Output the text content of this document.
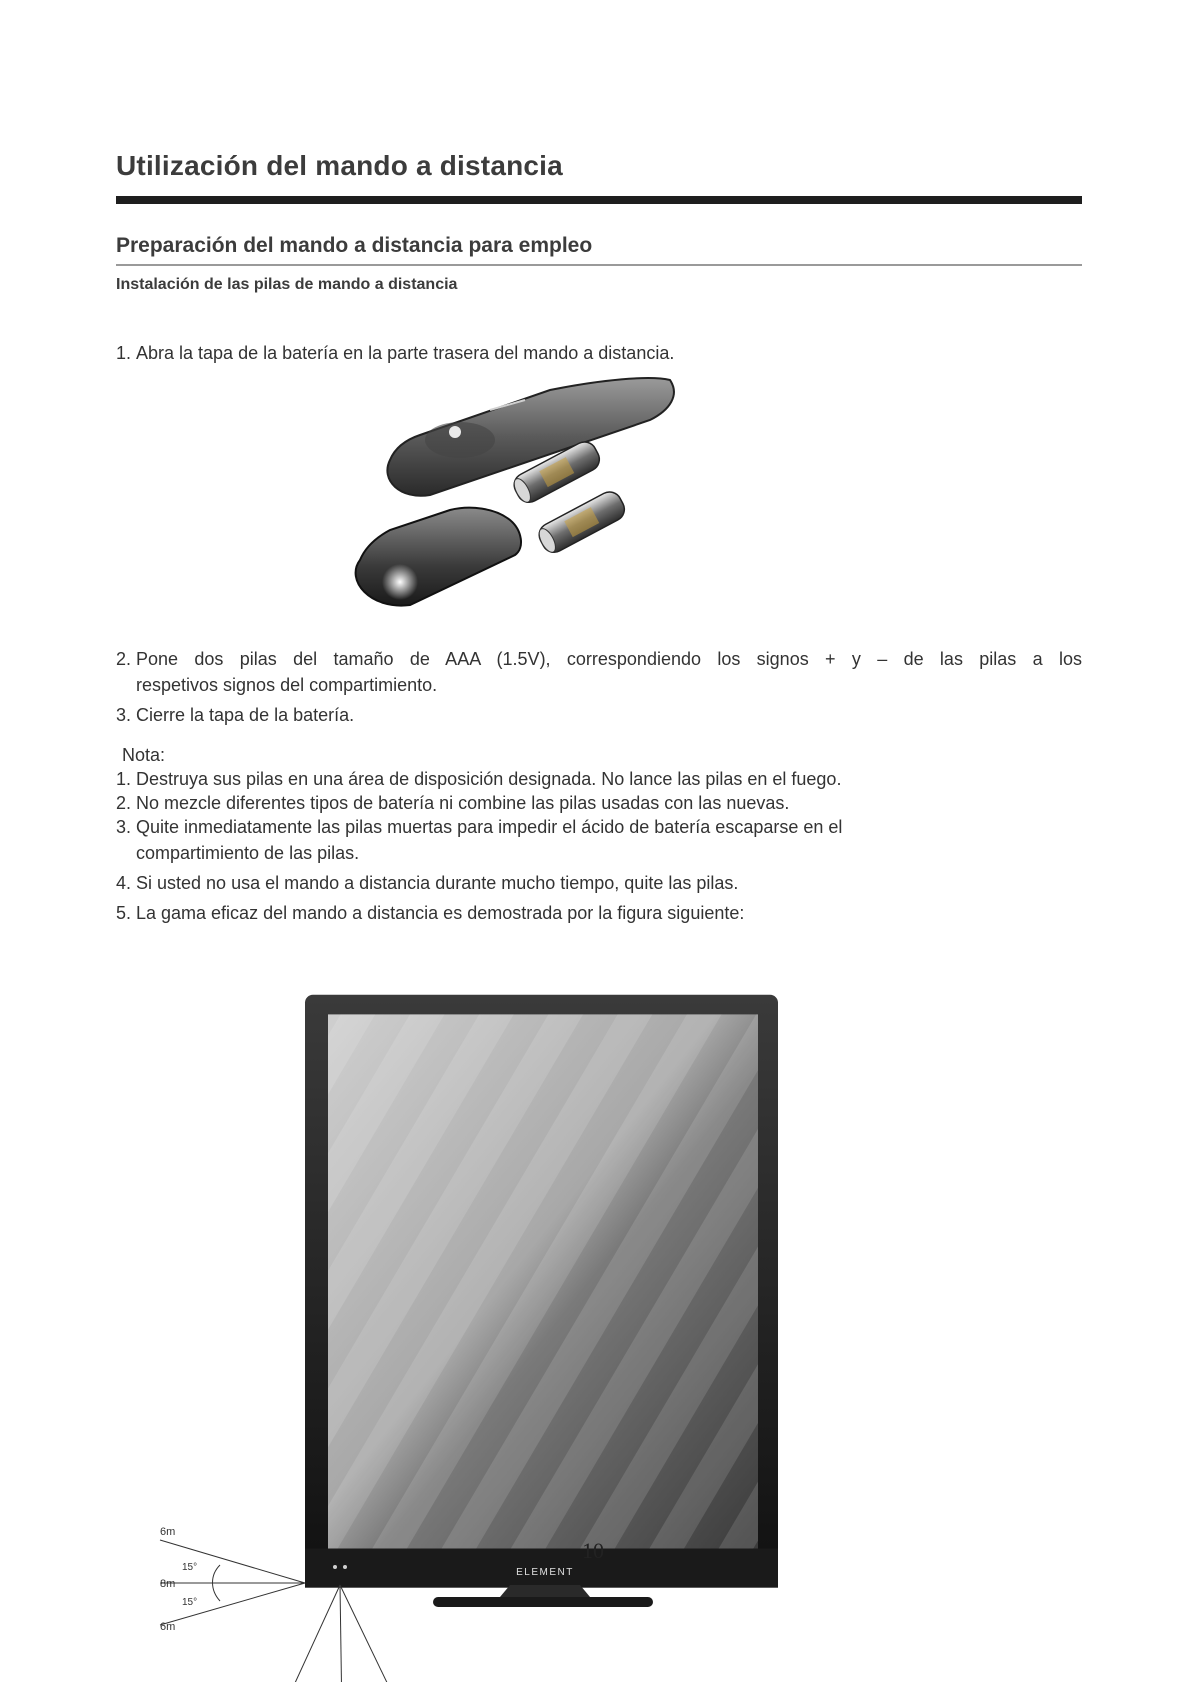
Utilización del mando a distancia
Preparación del mando a distancia para empleo
Instalación de las pilas de mando a distancia

1. Abra la tapa de la batería en la parte trasera del mando a distancia.

2. Pone dos pilas del tamaño de AAA (1.5V), correspondiendo los signos + y – de las pilas a los

respetivos signos del compartimiento.

3. Cierre la tapa de la batería.

Nota:

1. Destruya sus pilas en una área de disposición designada. No lance las pilas en el fuego.

2. No mezcle diferentes tipos de batería ni combine las pilas usadas con las nuevas.

3. Quite inmediatamente las pilas muertas para impedir el ácido de batería escaparse en el

compartimiento de las pilas.

4. Si usted no usa el mando a distancia durante mucho tiempo, quite las pilas.

5. La gama eficaz del mando a distancia es demostrada por la figura siguiente:

ELEMENT
6m
15°
8m
15°
6m
10
